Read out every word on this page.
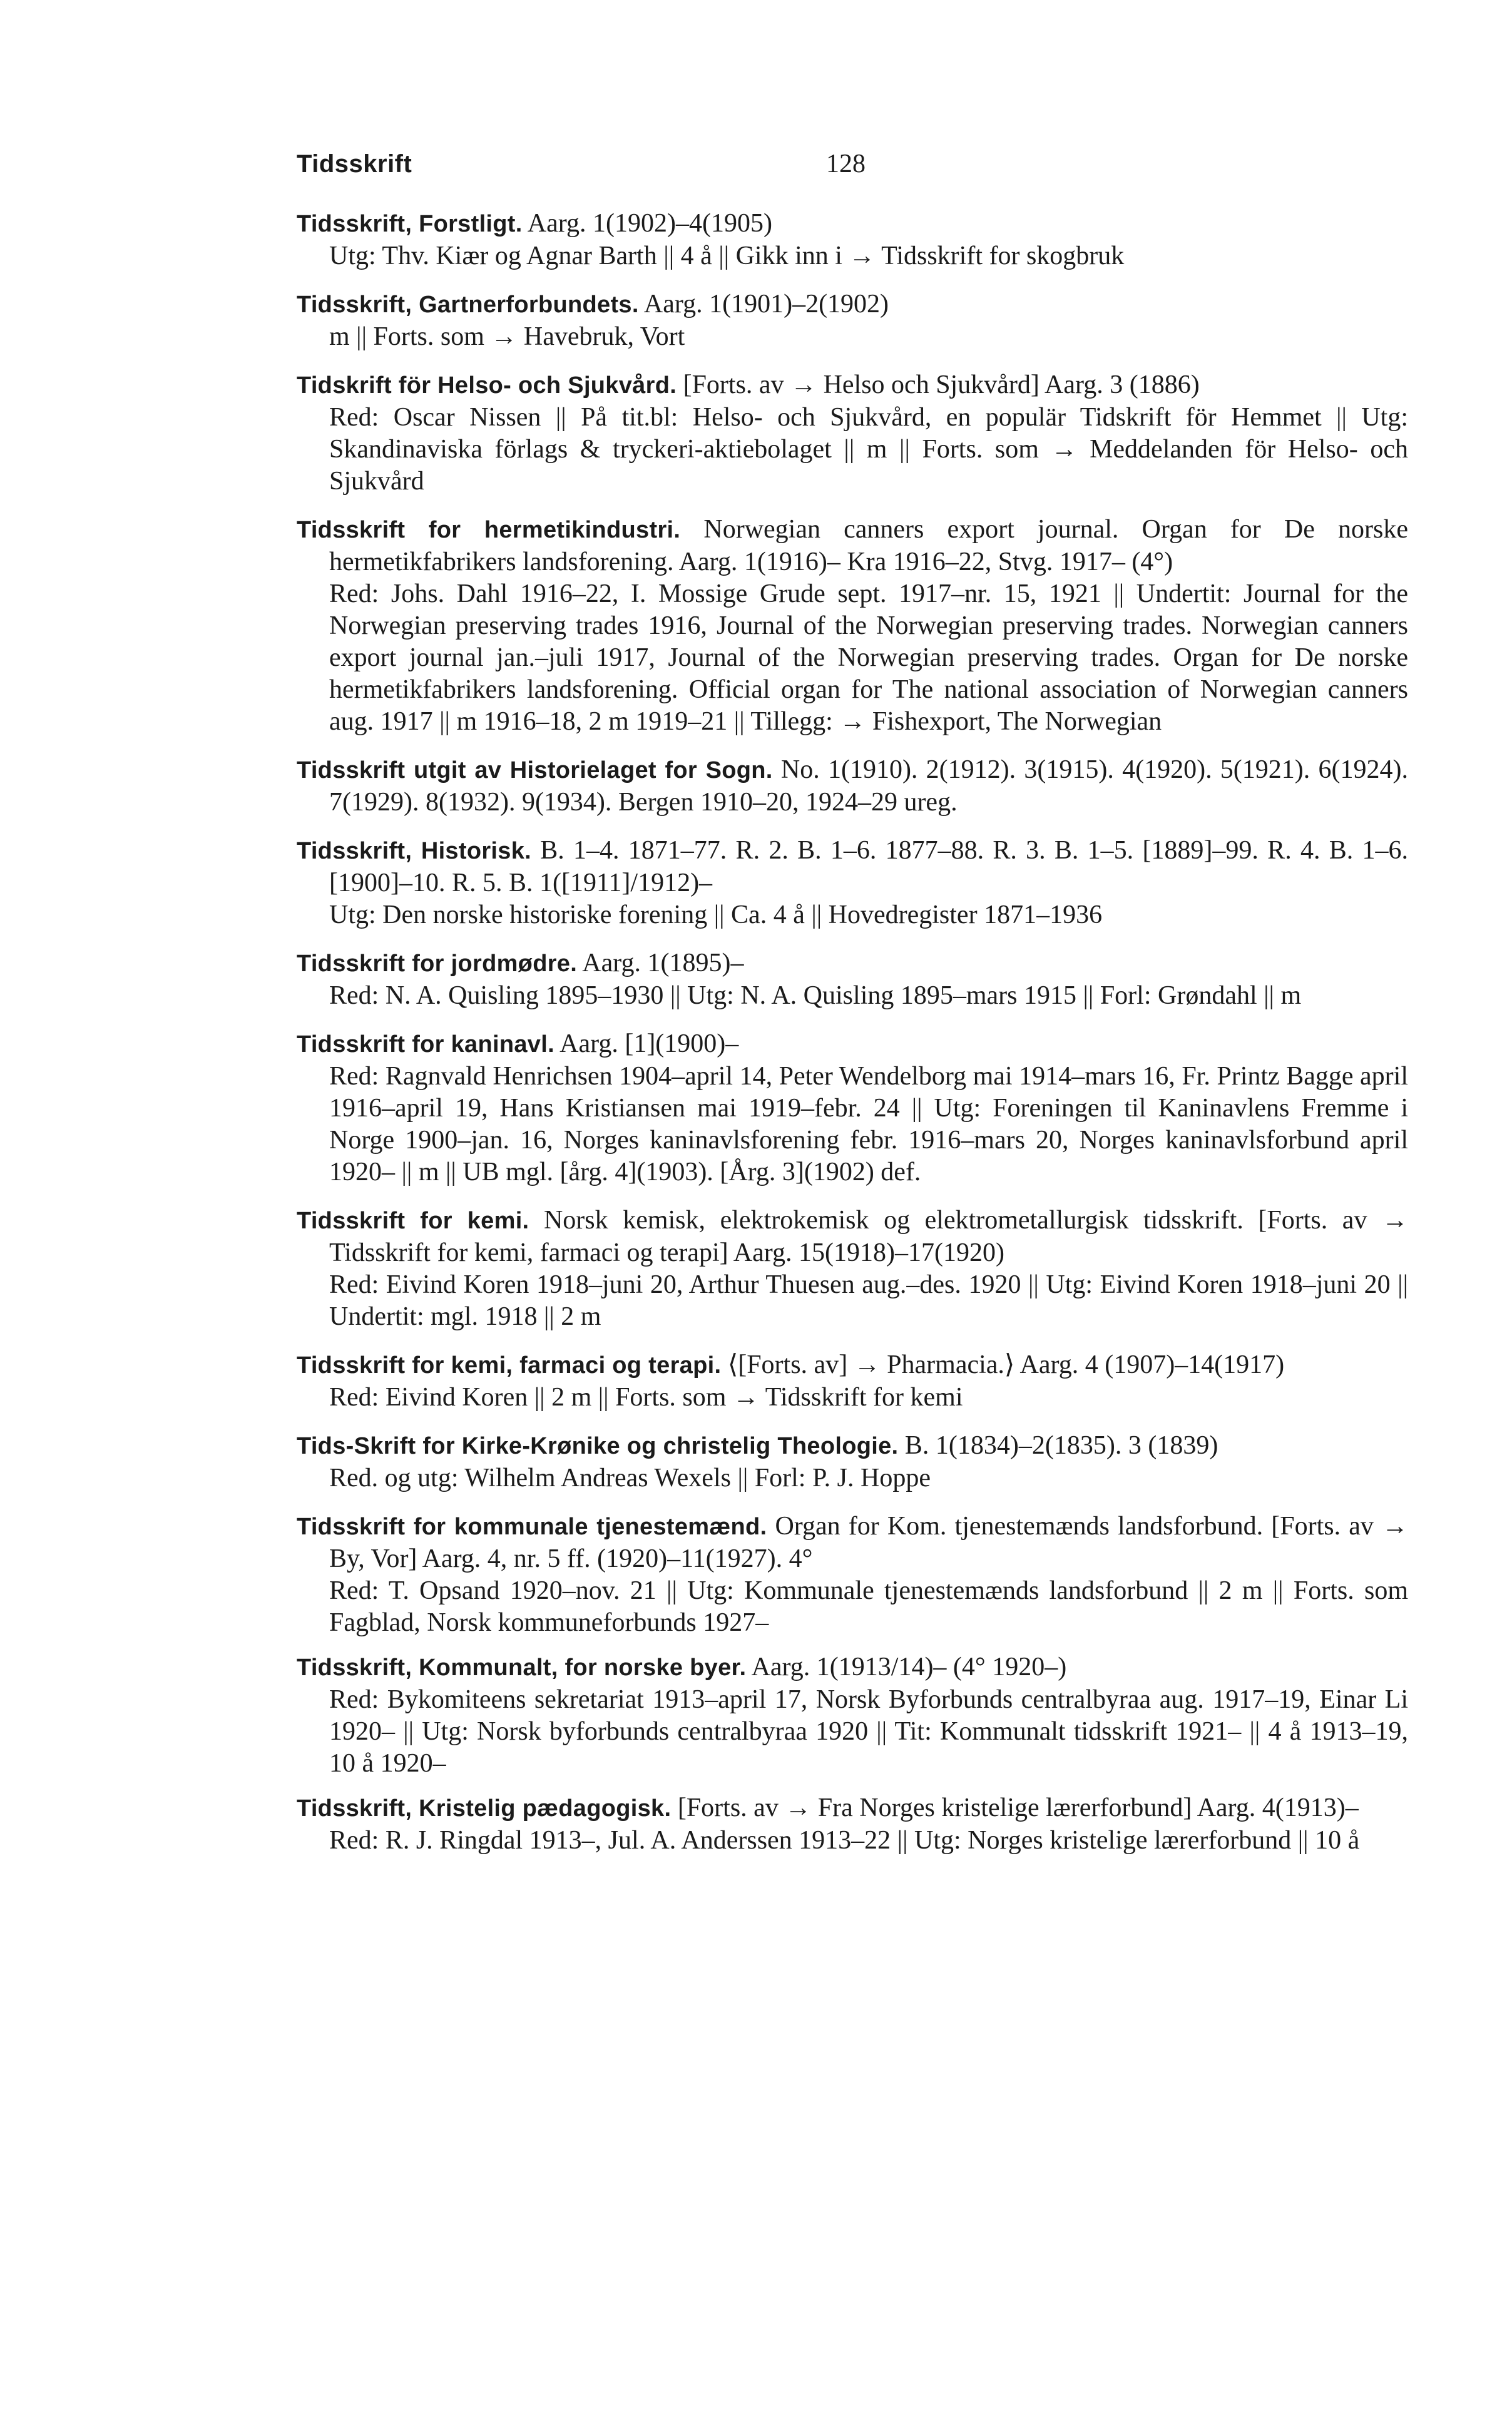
Tidsskrift	128
Tidsskrift, Forstligt. Aarg. 1(1902)–4(1905)
Utg: Thv. Kiær og Agnar Barth || 4 å || Gikk inn i → Tidsskrift for skogbruk
Tidsskrift, Gartnerforbundets. Aarg. 1(1901)–2(1902)
m || Forts. som → Havebruk, Vort
Tidskrift för Helso- och Sjukvård. [Forts. av → Helso och Sjukvård] Aarg. 3 (1886)
Red: Oscar Nissen || På tit.bl: Helso- och Sjukvård, en populär Tidskrift för Hemmet || Utg: Skandinaviska förlags & tryckeri-aktiebolaget || m || Forts. som → Meddelanden för Helso- och Sjukvård
Tidsskrift for hermetikindustri. Norwegian canners export journal. Organ for De norske hermetikfabrikers landsforening. Aarg. 1(1916)– Kra 1916–22, Stvg. 1917– (4°)
Red: Johs. Dahl 1916–22, I. Mossige Grude sept. 1917–nr. 15, 1921 || Undertit: Journal for the Norwegian preserving trades 1916, Journal of the Norwegian preserving trades. Norwegian canners export journal jan.–juli 1917, Journal of the Norwegian preserving trades. Organ for De norske hermetikfabrikers landsforening. Official organ for The national association of Norwegian canners aug. 1917 || m 1916–18, 2 m 1919–21 || Tillegg: → Fishexport, The Norwegian
Tidsskrift utgit av Historielaget for Sogn. No. 1(1910). 2(1912). 3(1915). 4(1920). 5(1921). 6(1924). 7(1929). 8(1932). 9(1934). Bergen 1910–20, 1924–29 ureg.
Tidsskrift, Historisk. B. 1–4. 1871–77. R. 2. B. 1–6. 1877–88. R. 3. B. 1–5. [1889]–99. R. 4. B. 1–6. [1900]–10. R. 5. B. 1([1911]/1912)–
Utg: Den norske historiske forening || Ca. 4 å || Hovedregister 1871–1936
Tidsskrift for jordmødre. Aarg. 1(1895)–
Red: N. A. Quisling 1895–1930 || Utg: N. A. Quisling 1895–mars 1915 || Forl: Grøndahl || m
Tidsskrift for kaninavl. Aarg. [1](1900)–
Red: Ragnvald Henrichsen 1904–april 14, Peter Wendelborg mai 1914–mars 16, Fr. Printz Bagge april 1916–april 19, Hans Kristiansen mai 1919–febr. 24 || Utg: Foreningen til Kaninavlens Fremme i Norge 1900–jan. 16, Norges kaninavlsforening febr. 1916–mars 20, Norges kaninavlsforbund april 1920– || m || UB mgl. [årg. 4](1903). [Årg. 3](1902) def.
Tidsskrift for kemi. Norsk kemisk, elektrokemisk og elektrometallurgisk tidsskrift. [Forts. av → Tidsskrift for kemi, farmaci og terapi] Aarg. 15(1918)–17(1920)
Red: Eivind Koren 1918–juni 20, Arthur Thuesen aug.–des. 1920 || Utg: Eivind Koren 1918–juni 20 || Undertit: mgl. 1918 || 2 m
Tidsskrift for kemi, farmaci og terapi. ⟨[Forts. av] → Pharmacia.⟩ Aarg. 4 (1907)–14(1917)
Red: Eivind Koren || 2 m || Forts. som → Tidsskrift for kemi
Tids-Skrift for Kirke-Krønike og christelig Theologie. B. 1(1834)–2(1835). 3 (1839)
Red. og utg: Wilhelm Andreas Wexels || Forl: P. J. Hoppe
Tidsskrift for kommunale tjenestemænd. Organ for Kom. tjenestemænds landsforbund. [Forts. av → By, Vor] Aarg. 4, nr. 5 ff. (1920)–11(1927). 4°
Red: T. Opsand 1920–nov. 21 || Utg: Kommunale tjenestemænds landsforbund || 2 m || Forts. som Fagblad, Norsk kommuneforbunds 1927–
Tidsskrift, Kommunalt, for norske byer. Aarg. 1(1913/14)– (4° 1920–)
Red: Bykomiteens sekretariat 1913–april 17, Norsk Byforbunds centralbyraa aug. 1917–19, Einar Li 1920– || Utg: Norsk byforbunds centralbyraa 1920 || Tit: Kommunalt tidsskrift 1921– || 4 å 1913–19, 10 å 1920–
Tidsskrift, Kristelig pædagogisk. [Forts. av → Fra Norges kristelige lærerforbund] Aarg. 4(1913)–
Red: R. J. Ringdal 1913–, Jul. A. Anderssen 1913–22 || Utg: Norges kristelige lærerforbund || 10 å
